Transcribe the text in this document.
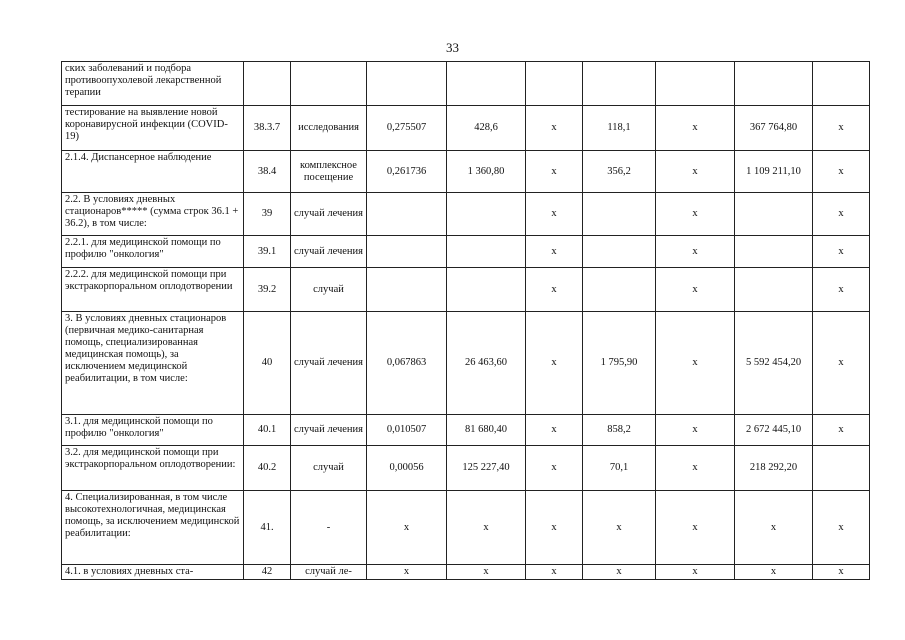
33
ских заболеваний и подбора противоопухолевой лекарственной терапии									
тестирование на выявление новой коронавирусной инфекции (COVID-19)	38.3.7	исследования	0,275507	428,6	x	118,1	x	367 764,80	x
2.1.4. Диспансерное наблюдение	38.4	комплексное посещение	0,261736	1 360,80	x	356,2	x	1 109 211,10	x
2.2. В условиях дневных стационаров***** (сумма строк 36.1 + 36.2), в том числе:	39	случай лечения			x		x		x
2.2.1. для медицинской помощи по профилю "онкология"	39.1	случай лечения			x		x		x
2.2.2. для медицинской помощи при экстракорпоральном оплодотворении	39.2	случай			x		x		x
3. В условиях дневных стационаров (первичная медико-санитарная помощь, специализированная медицинская помощь), за исключением медицинской реабилитации, в том числе:	40	случай лечения	0,067863	26 463,60	x	1 795,90	x	5 592 454,20	x
3.1. для медицинской помощи по профилю "онкология"	40.1	случай лечения	0,010507	81 680,40	x	858,2	x	2 672 445,10	x
3.2. для медицинской помощи при экстракорпоральном оплодотворении:	40.2	случай	0,00056	125 227,40	x	70,1	x	218 292,20	
4. Специализированная, в том числе высокотехнологичная, медицинская помощь, за исключением медицинской реабилитации:	41.	-	x	x	x	x	x	x	x
4.1. в условиях дневных ста-	42	случай ле-	x	x	x	x	x	x	x
